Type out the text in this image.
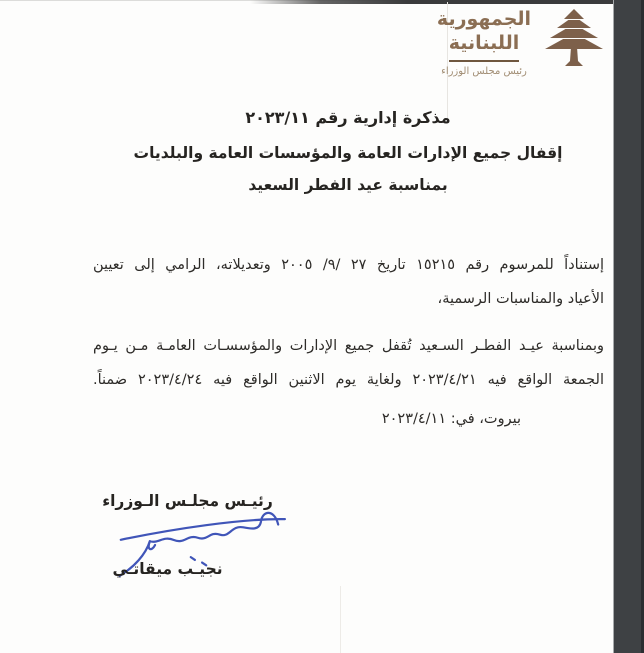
الجمهورية
اللبنانية
رئيس مجلس الوزراء
مذكرة إدارية رقم ٢٠٢٣/١١
إقفال جميع الإدارات العامة والمؤسسات العامة والبلديات
بمناسبة عيد الفطر السعيد

إستناداً للمرسوم رقم ١٥٢١٥ تاريخ ٢٧ /٩/ ٢٠٠٥ وتعديلاته، الرامي إلى تعيين
الأعياد والمناسبات الرسمية،

وبمناسبة عيـد الفطـر السـعيد تُقفل جميع الإدارات والمؤسسـات العامـة مـن يـوم
الجمعة الواقع فيه ٢٠٢٣/٤/٢١ ولغاية يوم الاثنين الواقع فيه ٢٠٢٣/٤/٢٤ ضمناً.

بيروت، في: ٢٠٢٣/٤/١١
رئيـس مجلـس الـوزراء
نجيـب ميقاتـي
